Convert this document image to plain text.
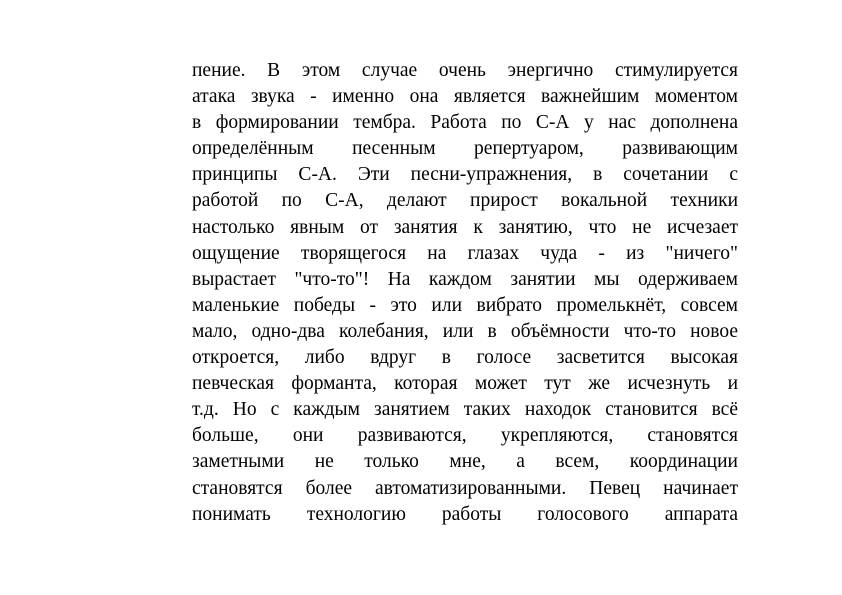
пение. В этом случае очень энергично стимулируется
атака звука - именно она является важнейшим моментом
в формировании тембра. Работа по С-А у нас дополнена
определённым песенным репертуаром, развивающим
принципы С-А. Эти песни-упражнения, в сочетании с
работой по С-А, делают прирост вокальной техники
настолько явным от занятия к занятию, что не исчезает
ощущение творящегося на глазах чуда - из "ничего"
вырастает "что-то"! На каждом занятии мы одерживаем
маленькие победы - это или вибрато промелькнёт, совсем
мало, одно-два колебания, или в объёмности что-то новое
откроется, либо вдруг в голосе засветится высокая
певческая форманта, которая может тут же исчезнуть и
т.д. Но с каждым занятием таких находок становится всё
больше, они развиваются, укрепляются, становятся
заметными не только мне, а всем, координации
становятся более автоматизированными. Певец начинает
понимать технологию работы голосового аппарата
